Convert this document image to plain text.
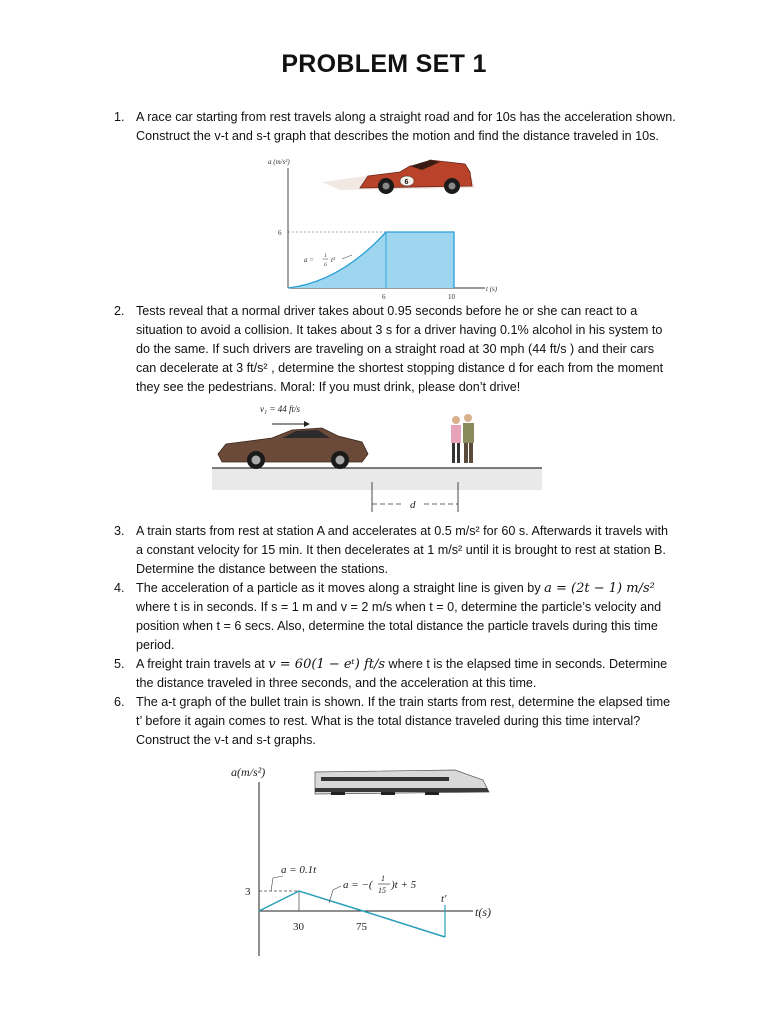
PROBLEM SET 1
1. A race car starting from rest travels along a straight road and for 10s has the acceleration shown. Construct the v-t and s-t graph that describes the motion and find the distance traveled in 10s.
a (m/s²)
t (s)
6
6	10
a = 1
6
t²
6
2. Tests reveal that a normal driver takes about 0.95 seconds before he or she can react to a situation to avoid a collision. It takes about 3 s for a driver having 0.1% alcohol in his system to do the same. If such drivers are traveling on a straight road at 30 mph (44 ft/s ) and their cars can decelerate at 3 ft/s² , determine the shortest stopping distance d for each from the moment they see the pedestrians. Moral: If you must drink, please don’t drive!
v₁ = 44 ft/s
d
3. A train starts from rest at station A and accelerates at 0.5 m/s² for 60 s. Afterwards it travels with a constant velocity for 15 min. It then decelerates at 1 m/s² until it is brought to rest at station B. Determine the distance between the stations.
4. The acceleration of a particle as it moves along a straight line is given by a = (2t − 1) m/s² where t is in seconds. If s = 1 m and v = 2 m/s when t = 0, determine the particle’s velocity and position when t = 6 secs. Also, determine the total distance the particle travels during this time period.
5. A freight train travels at v = 60(1 − eᵗ) ft/s where t is the elapsed time in seconds. Determine the distance traveled in three seconds, and the acceleration at this time.
6. The a-t graph of the bullet train is shown. If the train starts from rest, determine the elapsed time t’ before it again comes to rest. What is the total distance traveled during this time interval? Construct the v-t and s-t graphs.
a(m/s²)
t(s)
3
30	75
t′
a = 0.1t
a = −(
1
15 )t + 5
